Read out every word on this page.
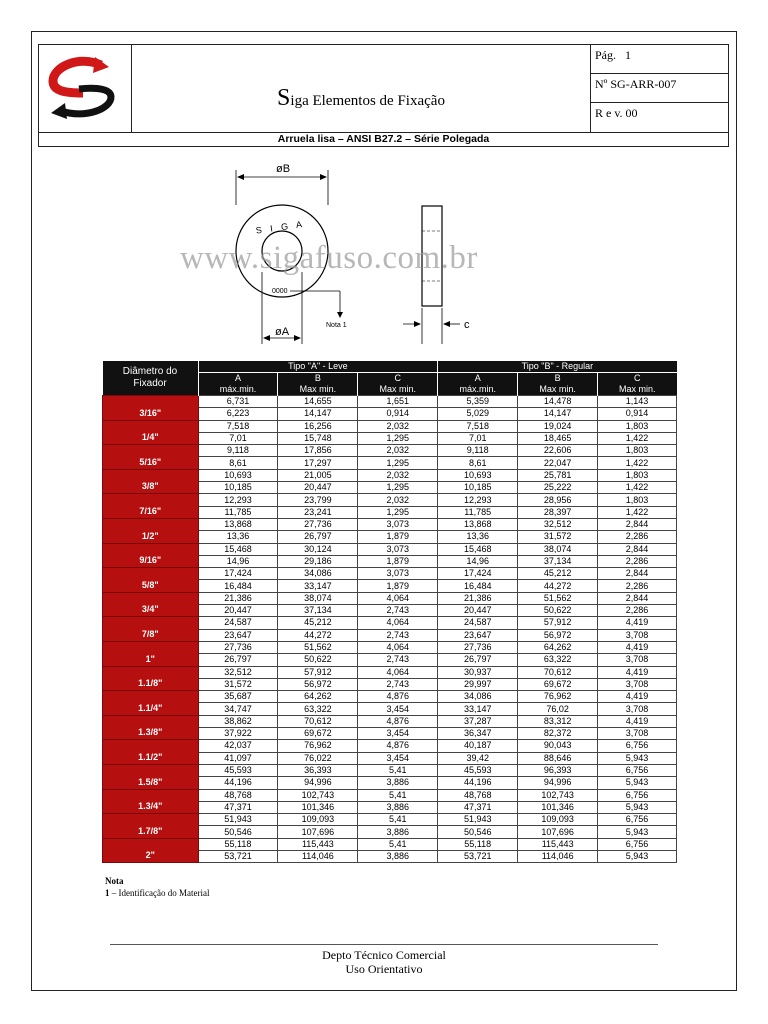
Siga Elementos de Fixação
Pág. 1
Nº SG-ARR-007
R e v. 00
Arruela lisa – ANSI B27.2 – Série Polegada
øB
S I G A
0000
Nota 1
øA
c
www.sigafuso.com.br
Diâmetro do
Fixador	Tipo "A" - Leve			Tipo "B" - Regular		
	A	B	C	A	B	C
	máx.min.	Max min.	Max min.	máx.min.	Max min.	Max min.
3/16"	6,731	14,655	1,651	5,359	14,478	1,143
	6,223	14,147	0,914	5,029	14,147	0,914
1/4"	7,518	16,256	2,032	7,518	19,024	1,803
	7,01	15,748	1,295	7,01	18,465	1,422
5/16"	9,118	17,856	2,032	9,118	22,606	1,803
	8,61	17,297	1,295	8,61	22,047	1,422
3/8"	10,693	21,005	2,032	10,693	25,781	1,803
	10,185	20,447	1,295	10,185	25,222	1,422
7/16"	12,293	23,799	2,032	12,293	28,956	1,803
	11,785	23,241	1,295	11,785	28,397	1,422
1/2"	13,868	27,736	3,073	13,868	32,512	2,844
	13,36	26,797	1,879	13,36	31,572	2,286
9/16"	15,468	30,124	3,073	15,468	38,074	2,844
	14,96	29,186	1,879	14,96	37,134	2,286
5/8"	17,424	34,086	3,073	17,424	45,212	2,844
	16,484	33,147	1,879	16,484	44,272	2,286
3/4"	21,386	38,074	4,064	21,386	51,562	2,844
	20,447	37,134	2,743	20,447	50,622	2,286
7/8"	24,587	45,212	4,064	24,587	57,912	4,419
	23,647	44,272	2,743	23,647	56,972	3,708
1"	27,736	51,562	4,064	27,736	64,262	4,419
	26,797	50,622	2,743	26,797	63,322	3,708
1.1/8"	32,512	57,912	4,064	30,937	70,612	4,419
	31,572	56,972	2,743	29,997	69,672	3,708
1.1/4"	35,687	64,262	4,876	34,086	76,962	4,419
	34,747	63,322	3,454	33,147	76,02	3,708
1.3/8"	38,862	70,612	4,876	37,287	83,312	4,419
	37,922	69,672	3,454	36,347	82,372	3,708
1.1/2"	42,037	76,962	4,876	40,187	90,043	6,756
	41,097	76,022	3,454	39,42	88,646	5,943
1.5/8"	45,593	36,393	5,41	45,593	96,393	6,756
	44,196	94,996	3,886	44,196	94,996	5,943
1.3/4"	48,768	102,743	5,41	48,768	102,743	6,756
	47,371	101,346	3,886	47,371	101,346	5,943
1.7/8"	51,943	109,093	5,41	51,943	109,093	6,756
	50,546	107,696	3,886	50,546	107,696	5,943
2"	55,118	115,443	5,41	55,118	115,443	6,756
	53,721	114,046	3,886	53,721	114,046	5,943
Nota
1 – Identificação do Material
Depto Técnico Comercial
Uso Orientativo
